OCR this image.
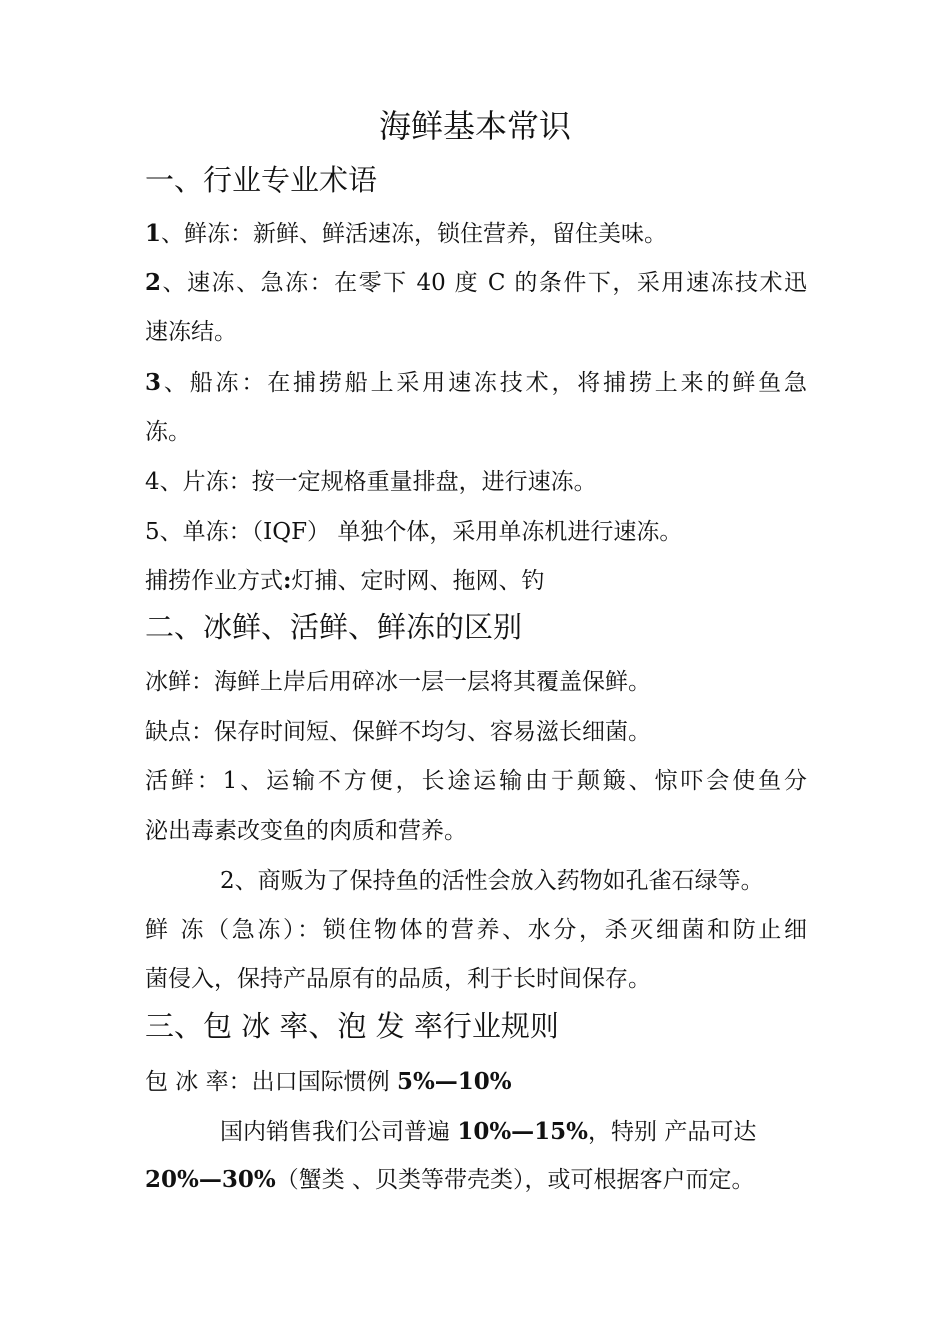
海鲜基本常识
一、行业专业术语
1、鲜冻：新鲜、鲜活速冻，锁住营养，留住美味。
2、速冻、急冻：在零下 40 度 C 的条件下，采用速冻技术迅
速冻结。
3、船冻：在捕捞船上采用速冻技术，将捕捞上来的鲜鱼急
冻。
4、片冻：按一定规格重量排盘，进行速冻。
5、单冻：（IQF） 单独个体，采用单冻机进行速冻。
捕捞作业方式:灯捕、定时网、拖网、钓
二、冰鲜、活鲜、鲜冻的区别
冰鲜：海鲜上岸后用碎冰一层一层将其覆盖保鲜。
缺点：保存时间短、保鲜不均匀、容易滋长细菌。
活鲜：1、运输不方便，长途运输由于颠簸、惊吓会使鱼分
泌出毒素改变鱼的肉质和营养。
2、商贩为了保持鱼的活性会放入药物如孔雀石绿等。
鲜 冻（急冻）：锁住物体的营养、水分，杀灭细菌和防止细
菌侵入，保持产品原有的品质，利于长时间保存。
三、包 冰 率、泡 发 率行业规则
包 冰 率：出口国际惯例 5%—10%
国内销售我们公司普遍 10%—15%，特别 产品可达
20%—30%（蟹类 、贝类等带壳类），或可根据客户而定。
